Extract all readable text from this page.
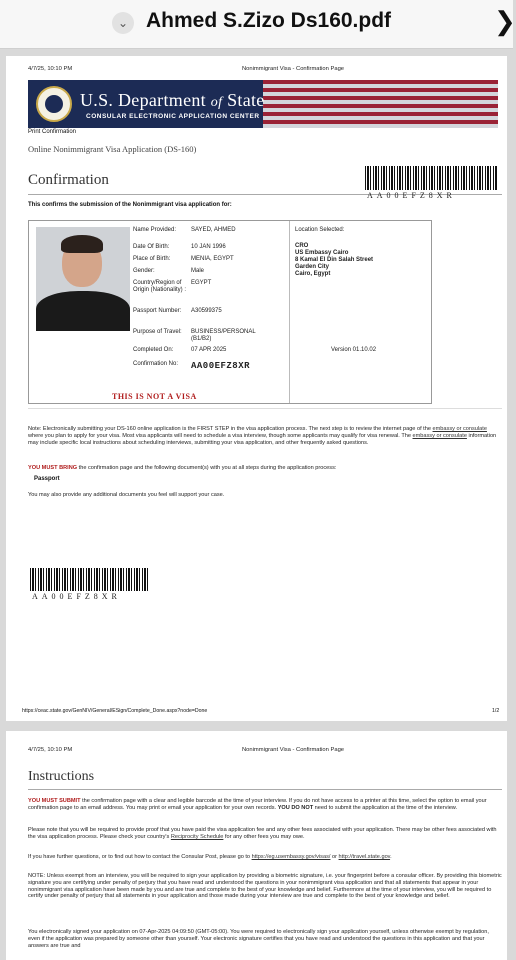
⌄ Ahmed S.Zizo Ds160.pdf	❯
4/7/25, 10:10 PM	Nonimmigrant Visa - Confirmation Page
U.S. Department of State
CONSULAR ELECTRONIC APPLICATION CENTER
Print Confirmation
Online Nonimmigrant Visa Application (DS-160)
Confirmation
AA00EFZ8XR
This confirms the submission of the Nonimmigrant visa application for:
Name Provided:	SAYED, AHMED
Date Of Birth:	10 JAN 1996
Place of Birth:	MENIA, EGYPT
Gender:	Male
Country/Region of Origin (Nationality) :
EGYPT
Passport Number:	A30599375
Purpose of Travel:	BUSINESS/PERSONAL
(B1/B2)
Completed On:	07 APR 2025
Confirmation No:	AA00EFZ8XR
Location Selected:
CRO
US Embassy Cairo
8 Kamal El Din Salah Street
Garden City
Cairo, Egypt
Version 01.10.02
THIS IS NOT A VISA
Note: Electronically submitting your DS-160 online application is the FIRST STEP in the visa application process. The next step is to review the internet page of the embassy or consulate where you plan to apply for your visa. Most visa applicants will need to schedule a visa interview, though some applicants may qualify for visa renewal. The embassy or consulate information may include specific local instructions about scheduling interviews, submitting your visa application, and other frequently asked questions.
YOU MUST BRING the confirmation page and the following document(s) with you at all steps during the application process:
Passport
You may also provide any additional documents you feel will support your case.
AA00EFZ8XR
https://ceac.state.gov/GenNIV/General/ESign/Complete_Done.aspx?node=Done	1/2
4/7/25, 10:10 PM	Nonimmigrant Visa - Confirmation Page
Instructions
YOU MUST SUBMIT the confirmation page with a clear and legible barcode at the time of your interview. If you do not have access to a printer at this time, select the option to email your confirmation page to an email address. You may print or email your application for your own records. YOU DO NOT need to submit the application at the time of the interview.
Please note that you will be required to provide proof that you have paid the visa application fee and any other fees associated with your application. There may be other fees associated with the visa application process. Please check your country's Reciprocity Schedule for any other fees you may owe.
If you have further questions, or to find out how to contact the Consular Post, please go to https://eg.usembassy.gov/visas/ or http://travel.state.gov.
NOTE: Unless exempt from an interview, you will be required to sign your application by providing a biometric signature, i.e. your fingerprint before a consular officer. By providing this biometric signature you are certifying under penalty of perjury that you have read and understood the questions in your nonimmigrant visa application and that all statements that appear in your nonimmigrant visa application have been made by you and are true and complete to the best of your knowledge and belief. Furthermore at the time of your interview, you will be required to certify under penalty of perjury that all statements in your application and those made during your interview are true and complete to the best of your knowledge and belief.
You electronically signed your application on 07-Apr-2025 04:09:50 (GMT-05:00). You were required to electronically sign your application yourself, unless otherwise exempt by regulation, even if the application was prepared by someone other than yourself. Your electronic signature certifies that you have read and understood the questions in this application and that your answers are true and
